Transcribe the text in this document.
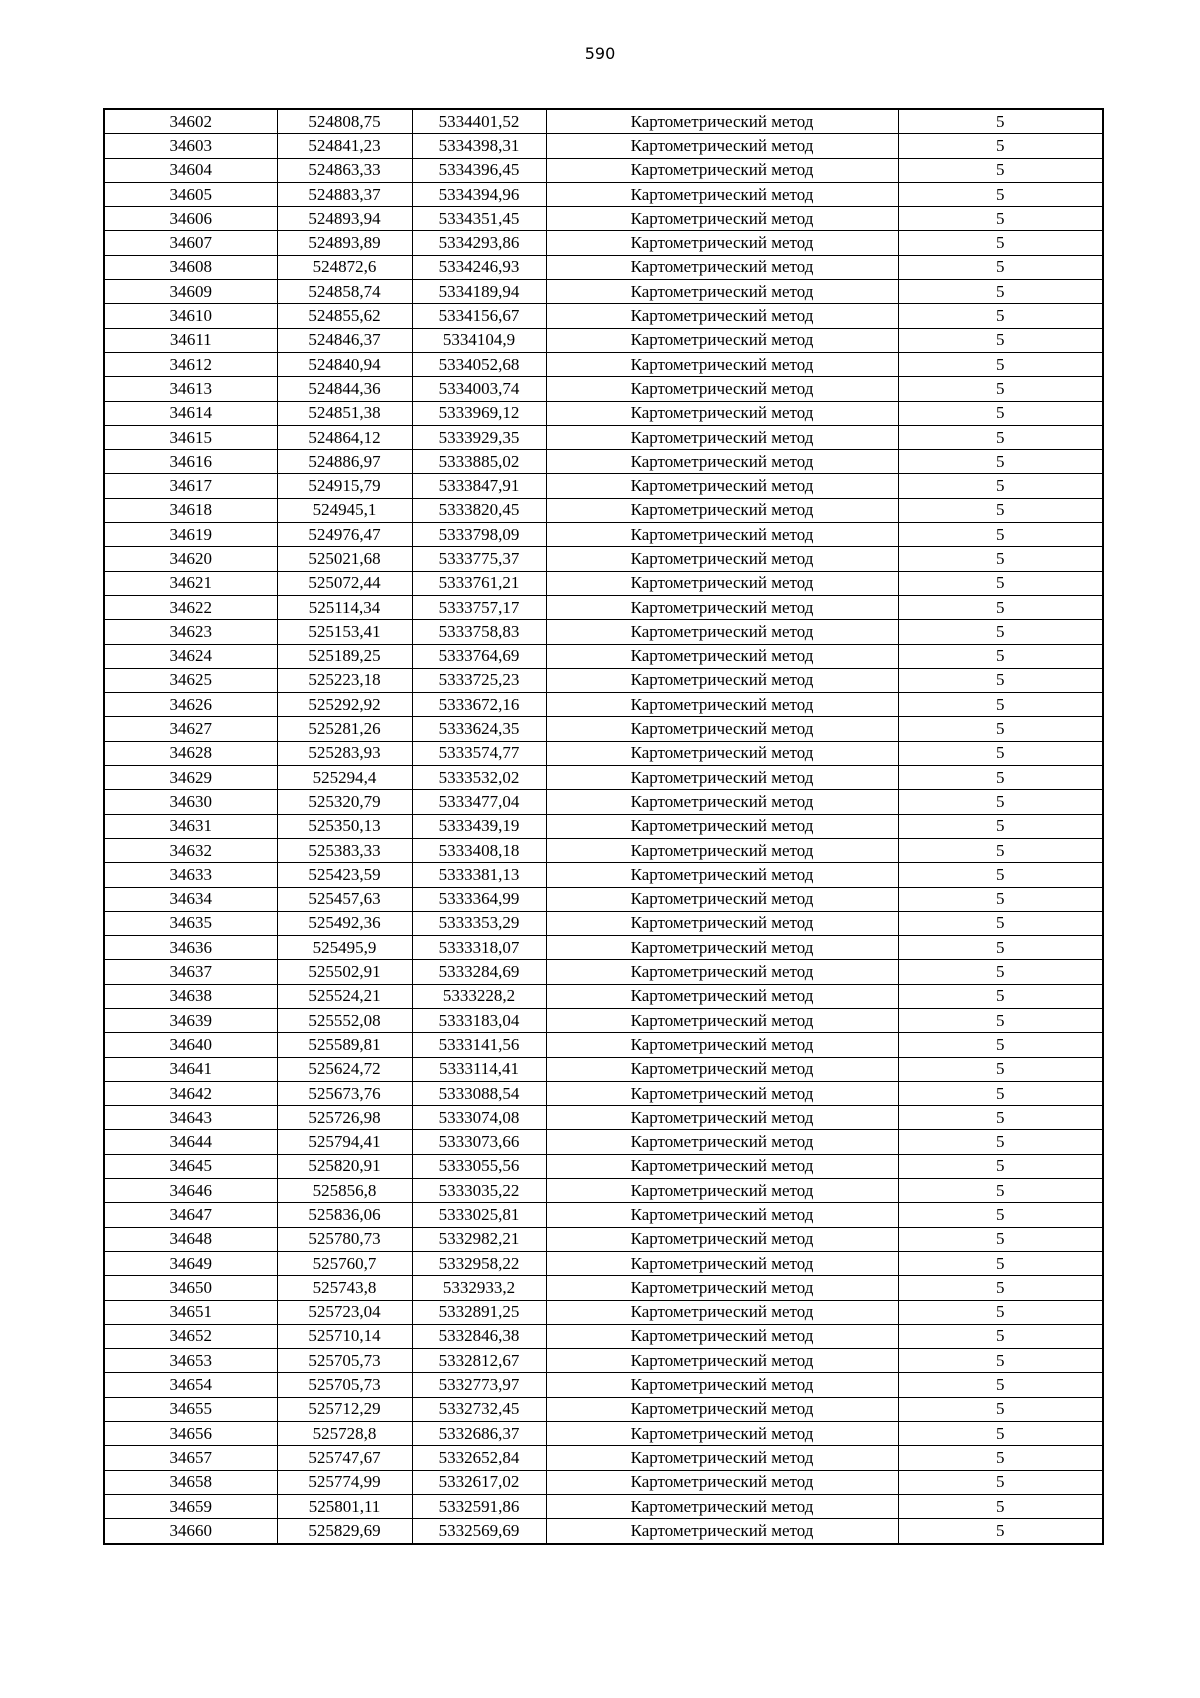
590
34602	524808,75	5334401,52	Картометрический метод	5
34603	524841,23	5334398,31	Картометрический метод	5
34604	524863,33	5334396,45	Картометрический метод	5
34605	524883,37	5334394,96	Картометрический метод	5
34606	524893,94	5334351,45	Картометрический метод	5
34607	524893,89	5334293,86	Картометрический метод	5
34608	524872,6	5334246,93	Картометрический метод	5
34609	524858,74	5334189,94	Картометрический метод	5
34610	524855,62	5334156,67	Картометрический метод	5
34611	524846,37	5334104,9	Картометрический метод	5
34612	524840,94	5334052,68	Картометрический метод	5
34613	524844,36	5334003,74	Картометрический метод	5
34614	524851,38	5333969,12	Картометрический метод	5
34615	524864,12	5333929,35	Картометрический метод	5
34616	524886,97	5333885,02	Картометрический метод	5
34617	524915,79	5333847,91	Картометрический метод	5
34618	524945,1	5333820,45	Картометрический метод	5
34619	524976,47	5333798,09	Картометрический метод	5
34620	525021,68	5333775,37	Картометрический метод	5
34621	525072,44	5333761,21	Картометрический метод	5
34622	525114,34	5333757,17	Картометрический метод	5
34623	525153,41	5333758,83	Картометрический метод	5
34624	525189,25	5333764,69	Картометрический метод	5
34625	525223,18	5333725,23	Картометрический метод	5
34626	525292,92	5333672,16	Картометрический метод	5
34627	525281,26	5333624,35	Картометрический метод	5
34628	525283,93	5333574,77	Картометрический метод	5
34629	525294,4	5333532,02	Картометрический метод	5
34630	525320,79	5333477,04	Картометрический метод	5
34631	525350,13	5333439,19	Картометрический метод	5
34632	525383,33	5333408,18	Картометрический метод	5
34633	525423,59	5333381,13	Картометрический метод	5
34634	525457,63	5333364,99	Картометрический метод	5
34635	525492,36	5333353,29	Картометрический метод	5
34636	525495,9	5333318,07	Картометрический метод	5
34637	525502,91	5333284,69	Картометрический метод	5
34638	525524,21	5333228,2	Картометрический метод	5
34639	525552,08	5333183,04	Картометрический метод	5
34640	525589,81	5333141,56	Картометрический метод	5
34641	525624,72	5333114,41	Картометрический метод	5
34642	525673,76	5333088,54	Картометрический метод	5
34643	525726,98	5333074,08	Картометрический метод	5
34644	525794,41	5333073,66	Картометрический метод	5
34645	525820,91	5333055,56	Картометрический метод	5
34646	525856,8	5333035,22	Картометрический метод	5
34647	525836,06	5333025,81	Картометрический метод	5
34648	525780,73	5332982,21	Картометрический метод	5
34649	525760,7	5332958,22	Картометрический метод	5
34650	525743,8	5332933,2	Картометрический метод	5
34651	525723,04	5332891,25	Картометрический метод	5
34652	525710,14	5332846,38	Картометрический метод	5
34653	525705,73	5332812,67	Картометрический метод	5
34654	525705,73	5332773,97	Картометрический метод	5
34655	525712,29	5332732,45	Картометрический метод	5
34656	525728,8	5332686,37	Картометрический метод	5
34657	525747,67	5332652,84	Картометрический метод	5
34658	525774,99	5332617,02	Картометрический метод	5
34659	525801,11	5332591,86	Картометрический метод	5
34660	525829,69	5332569,69	Картометрический метод	5
